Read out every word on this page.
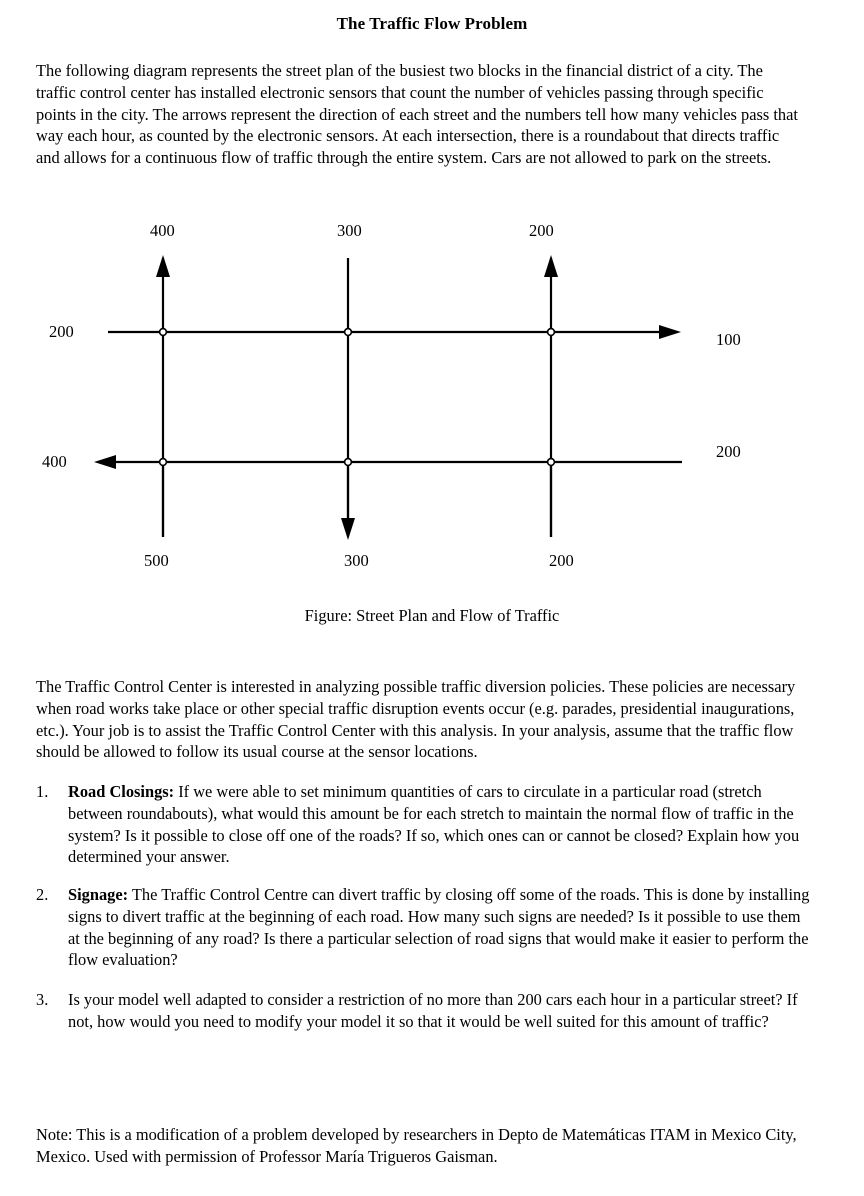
The Traffic Flow Problem
The following diagram represents the street plan of the busiest two blocks in the financial district of a city. The traffic control center has installed electronic sensors that count the number of vehicles passing through specific points in the city. The arrows represent the direction of each street and the numbers tell how many vehicles pass that way each hour, as counted by the electronic sensors. At each intersection, there is a roundabout that directs traffic and allows for a continuous flow of traffic through the entire system. Cars are not allowed to park on the streets.
400	300	200
200	100
400
200
500	300	200
Figure: Street Plan and Flow of Traffic
The Traffic Control Center is interested in analyzing possible traffic diversion policies. These policies are necessary when road works take place or other special traffic disruption events occur (e.g. parades, presidential inaugurations, etc.). Your job is to assist the Traffic Control Center with this analysis. In your analysis, assume that the traffic flow should be allowed to follow its usual course at the sensor locations.
1.	Road Closings: If we were able to set minimum quantities of cars to circulate in a particular road (stretch between roundabouts), what would this amount be for each stretch to maintain the normal flow of traffic in the system? Is it possible to close off one of the roads? If so, which ones can or cannot be closed? Explain how you determined your answer.
2.	Signage: The Traffic Control Centre can divert traffic by closing off some of the roads. This is done by installing signs to divert traffic at the beginning of each road. How many such signs are needed? Is it possible to use them at the beginning of any road? Is there a particular selection of road signs that would make it easier to perform the flow evaluation?
3.	Is your model well adapted to consider a restriction of no more than 200 cars each hour in a particular street? If not, how would you need to modify your model it so that it would be well suited for this amount of traffic?
Note: This is a modification of a problem developed by researchers in Depto de Matemáticas ITAM in Mexico City, Mexico. Used with permission of Professor María Trigueros Gaisman.
